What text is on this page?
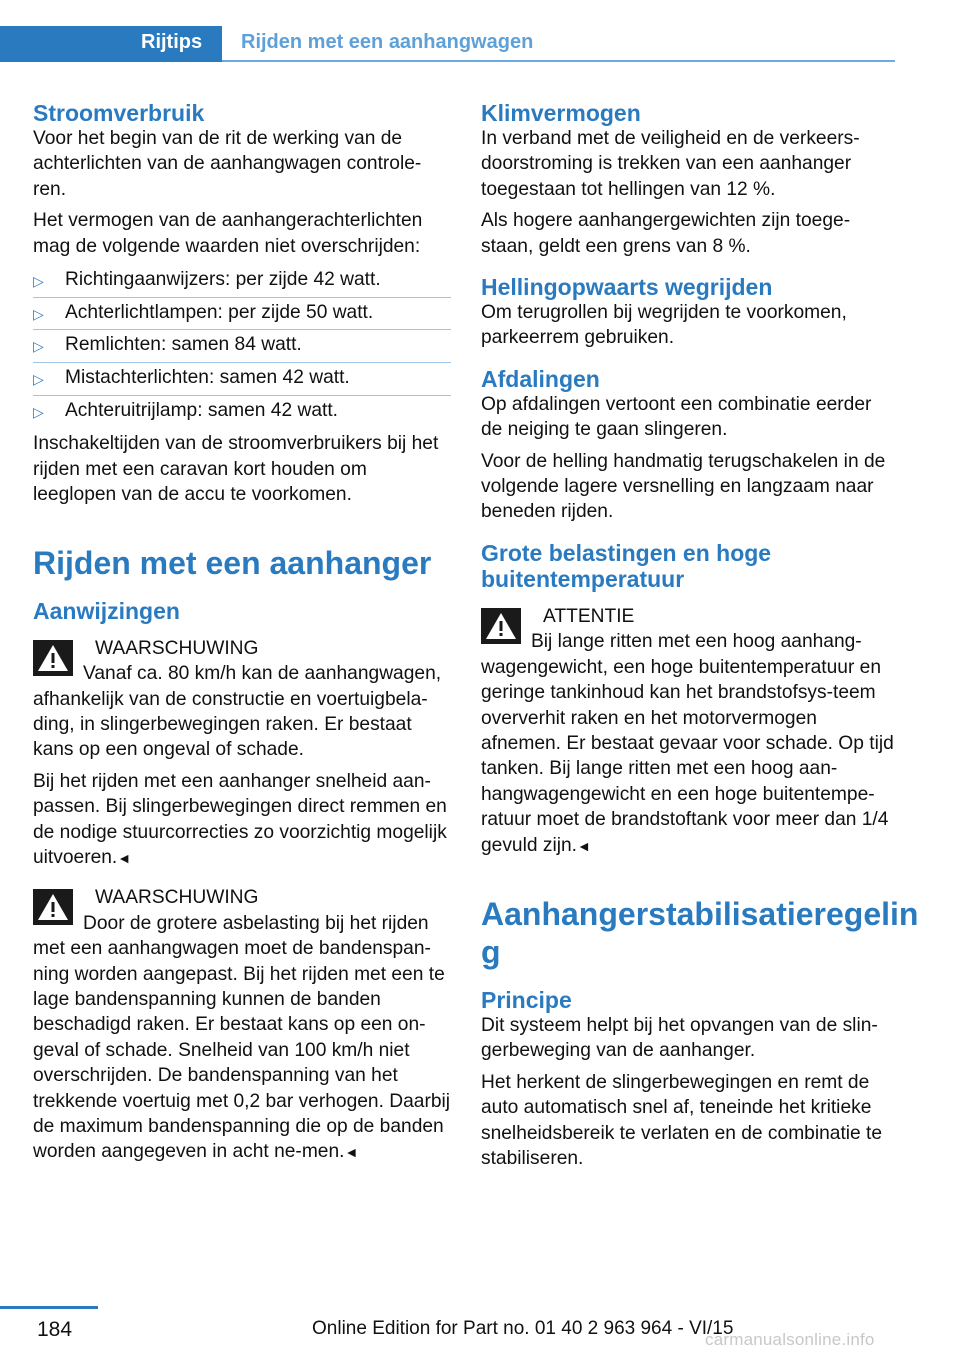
Rijtips Rijden met een aanhangwagen
Stroomverbruik

Voor het begin van de rit de werking van de achterlichten van de aanhangwagen controle-ren.

Het vermogen van de aanhangerachterlichten mag de volgende waarden niet overschrijden:

▷ Richtingaanwijzers: per zijde 42 watt.
▷ Achterlichtlampen: per zijde 50 watt.
▷ Remlichten: samen 84 watt.
▷ Mistachterlichten: samen 42 watt.
▷ Achteruitrijlamp: samen 42 watt.

Inschakeltijden van de stroomverbruikers bij het rijden met een caravan kort houden om leeglopen van de accu te voorkomen.

Rijden met een aanhanger
Aanwijzingen
WAARSCHUWING

Vanaf ca. 80 km/h kan de aanhangwagen, afhankelijk van de constructie en voertuigbela-ding, in slingerbewegingen raken. Er bestaat kans op een ongeval of schade.

Bij het rijden met een aanhanger snelheid aan-passen. Bij slingerbewegingen direct remmen en de nodige stuurcorrecties zo voorzichtig mogelijk uitvoeren.◄

WAARSCHUWING

Door de grotere asbelasting bij het rijden met een aanhangwagen moet de bandenspan-ning worden aangepast. Bij het rijden met een te lage bandenspanning kunnen de banden beschadigd raken. Er bestaat kans op een on-geval of schade. Snelheid van 100 km/h niet overschrijden. De bandenspanning van het trekkende voertuig met 0,2 bar verhogen. Daarbij de maximum bandenspanning die op de banden worden aangegeven in acht ne-men.◄

Klimvermogen

In verband met de veiligheid en de verkeers-doorstroming is trekken van een aanhanger toegestaan tot hellingen van 12 %.

Als hogere aanhangergewichten zijn toege-staan, geldt een grens van 8 %.

Hellingopwaarts wegrijden

Om terugrollen bij wegrijden te voorkomen, parkeerrem gebruiken.

Afdalingen

Op afdalingen vertoont een combinatie eerder de neiging te gaan slingeren.

Voor de helling handmatig terugschakelen in de volgende lagere versnelling en langzaam naar beneden rijden.

Grote belastingen en hoge buitentemperatuur
ATTENTIE

Bij lange ritten met een hoog aanhang-wagengewicht, een hoge buitentemperatuur en geringe tankinhoud kan het brandstofsys-teem oververhit raken en het motorvermogen afnemen. Er bestaat gevaar voor schade. Op tijd tanken. Bij lange ritten met een hoog aan-hangwagengewicht en een hoge buitentempe-ratuur moet de brandstoftank voor meer dan 1/4 gevuld zijn.◄

Aanhangerstabilisatieregelin g
Principe

Dit systeem helpt bij het opvangen van de slin-gerbeweging van de aanhanger.

Het herkent de slingerbewegingen en remt de auto automatisch snel af, teneinde het kritieke snelheidsbereik te verlaten en de combinatie te stabiliseren.

184	Online Edition for Part no. 01 40 2 963 964 - VI/15
carmanualsonline.info
